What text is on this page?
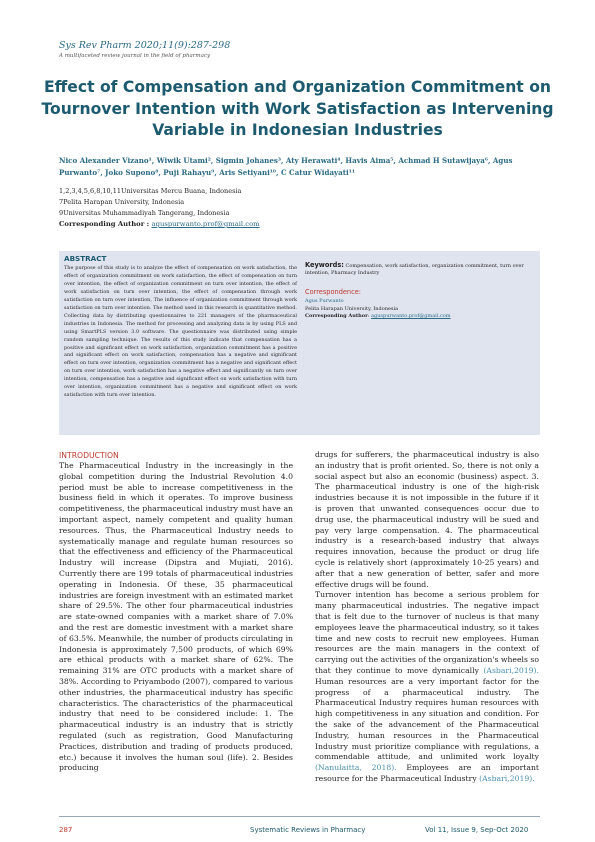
Sys Rev Pharm 2020;11(9):287-298
A multifaceted review journal in the field of pharmacy
Effect of Compensation and Organization Commitment on Tournover Intention with Work Satisfaction as Intervening Variable in Indonesian Industries
Nico Alexander Vizano¹, Wiwik Utami², Sigmin Johanes³, Aty Herawati⁴, Havis Aima⁵, Achmad H Sutawijaya⁶, Agus Purwanto⁷, Joko Supono⁸, Puji Rahayu⁹, Aris Setiyani¹⁰, C Catur Widayati¹¹
1,2,3,4,5,6,8,10,11Universitas Mercu Buana, Indonesia
7Pelita Harapan University, Indonesia
9Universitas Muhammadiyah Tangerang, Indonesia
Corresponding Author : aguspurwanto.prof@gmail.com
ABSTRACT
The purpose of this study is to analyze the effect of compensation on work satisfaction, the effect of organization commitment on work satisfaction, the effect of compensation on turn over intention, the effect of organization commitment on turn over intention, the effect of work satisfaction on turn over intention, the effect of compensation through work satisfaction on turn over intention, The influence of organization commitment through work satisfaction on turn over intention. The method used in this research is quantitative method. Collecting data by distributing questionnaires to 221 managers of the pharmaceutical industries in Indonesia. The method for processing and analyzing data is by using PLS and using SmartPLS version 3.0 software. The questionnaire was distributed using simple random sampling technique. The results of this study indicate that compensation has a positive and significant effect on work satisfaction, organization commitment has a positive and significant effect on work satisfaction, compensation has a negative and significant effect on turn over intention, organization commitment has a negative and significant effect on turn over intention, work satisfaction has a negative effect and significantly on turn over intention, compensation has a negative and significant effect on work satisfaction with turn over intention, organization commitment has a negative and significant effect on work satisfaction with turn over intention.
Keywords: Compensation, work satisfaction, organization commitment, turn over intention, Pharmacy Industry
Correspondence:
Agus Purwanto
Pelita Harapan University, Indonesia
Corresponding Author: aguspurwanto.prof@gmail.com
INTRODUCTION

The Pharmaceutical Industry in the increasingly in the global competition during the Industrial Revolution 4.0 period must be able to increase competitiveness in the business field in which it operates. To improve business competitiveness, the pharmaceutical industry must have an important aspect, namely competent and quality human resources. Thus, the Pharmaceutical Industry needs to systematically manage and regulate human resources so that the effectiveness and efficiency of the Pharmaceutical Industry will increase (Dipstra and Mujiati, 2016). Currently there are 199 totals of pharmaceutical industries operating in Indonesia. Of these, 35 pharmaceutical industries are foreign investment with an estimated market share of 29.5%. The other four pharmaceutical industries are state-owned companies with a market share of 7.0% and the rest are domestic investment with a market share of 63.5%. Meanwhile, the number of products circulating in Indonesia is approximately 7,500 products, of which 69% are ethical products with a market share of 62%. The remaining 31% are OTC products with a market share of 38%. According to Priyambodo (2007), compared to various other industries, the pharmaceutical industry has specific characteristics. The characteristics of the pharmaceutical industry that need to be considered include: 1. The pharmaceutical industry is an industry that is strictly regulated (such as registration, Good Manufacturing Practices, distribution and trading of products produced, etc.) because it involves the human soul (life). 2. Besides producing

drugs for sufferers, the pharmaceutical industry is also an industry that is profit oriented. So, there is not only a social aspect but also an economic (business) aspect. 3. The pharmaceutical industry is one of the high-risk industries because it is not impossible in the future if it is proven that unwanted consequences occur due to drug use, the pharmaceutical industry will be sued and pay very large compensation. 4. The pharmaceutical industry is a research-based industry that always requires innovation, because the product or drug life cycle is relatively short (approximately 10-25 years) and after that a new generation of better, safer and more effective drugs will be found.

Turnover intention has become a serious problem for many pharmaceutical industries. The negative impact that is felt due to the turnover of nucleus is that many employees leave the pharmaceutical industry, so it takes time and new costs to recruit new employees. Human resources are the main managers in the context of carrying out the activities of the organization's wheels so that they continue to move dynamically (Asbari,2019). Human resources are a very important factor for the progress of a pharmaceutical industry. The Pharmaceutical Industry requires human resources with high competitiveness in any situation and condition. For the sake of the advancement of the Pharmaceutical Industry, human resources in the Pharmaceutical Industry must prioritize compliance with regulations, a commendable attitude, and unlimited work loyalty (Nanulaitta, 2018). Employees are an important resource for the Pharmaceutical Industry (Asbari,2019).

287	Systematic Reviews in Pharmacy	Vol 11, Issue 9, Sep-Oct 2020
